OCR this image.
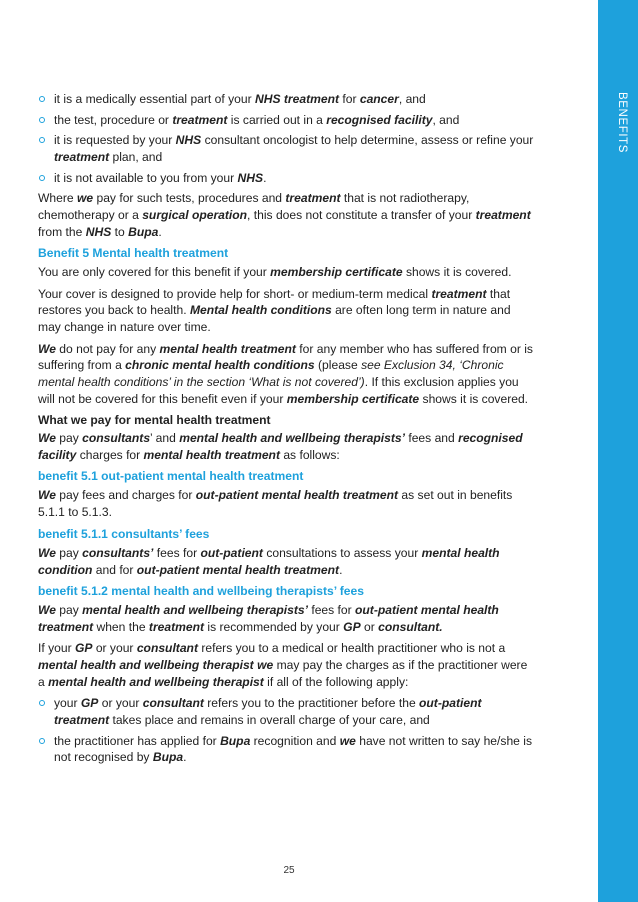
BENEFITS
it is a medically essential part of your NHS treatment for cancer, and
the test, procedure or treatment is carried out in a recognised facility, and
it is requested by your NHS consultant oncologist to help determine, assess or refine your treatment plan, and
it is not available to you from your NHS.

Where we pay for such tests, procedures and treatment that is not radiotherapy, chemotherapy or a surgical operation, this does not constitute a transfer of your treatment from the NHS to Bupa.

Benefit 5 Mental health treatment

You are only covered for this benefit if your membership certificate shows it is covered.

Your cover is designed to provide help for short- or medium-term medical treatment that restores you back to health. Mental health conditions are often long term in nature and may change in nature over time.

We do not pay for any mental health treatment for any member who has suffered from or is suffering from a chronic mental health conditions (please see Exclusion 34, ‘Chronic mental health conditions’ in the section ‘What is not covered’). If this exclusion applies you will not be covered for this benefit even if your membership certificate shows it is covered.

What we pay for mental health treatment

We pay consultants’ and mental health and wellbeing therapists’ fees and recognised facility charges for mental health treatment as follows:

benefit 5.1 out-patient mental health treatment

We pay fees and charges for out-patient mental health treatment as set out in benefits 5.1.1 to 5.1.3.

benefit 5.1.1 consultants’ fees

We pay consultants’ fees for out-patient consultations to assess your mental health condition and for out-patient mental health treatment.

benefit 5.1.2 mental health and wellbeing therapists’ fees

We pay mental health and wellbeing therapists’ fees for out-patient mental health treatment when the treatment is recommended by your GP or consultant.

If your GP or your consultant refers you to a medical or health practitioner who is not a mental health and wellbeing therapist we may pay the charges as if the practitioner were a mental health and wellbeing therapist if all of the following apply:

your GP or your consultant refers you to the practitioner before the out-patient treatment takes place and remains in overall charge of your care, and
the practitioner has applied for Bupa recognition and we have not written to say he/she is not recognised by Bupa.
25
